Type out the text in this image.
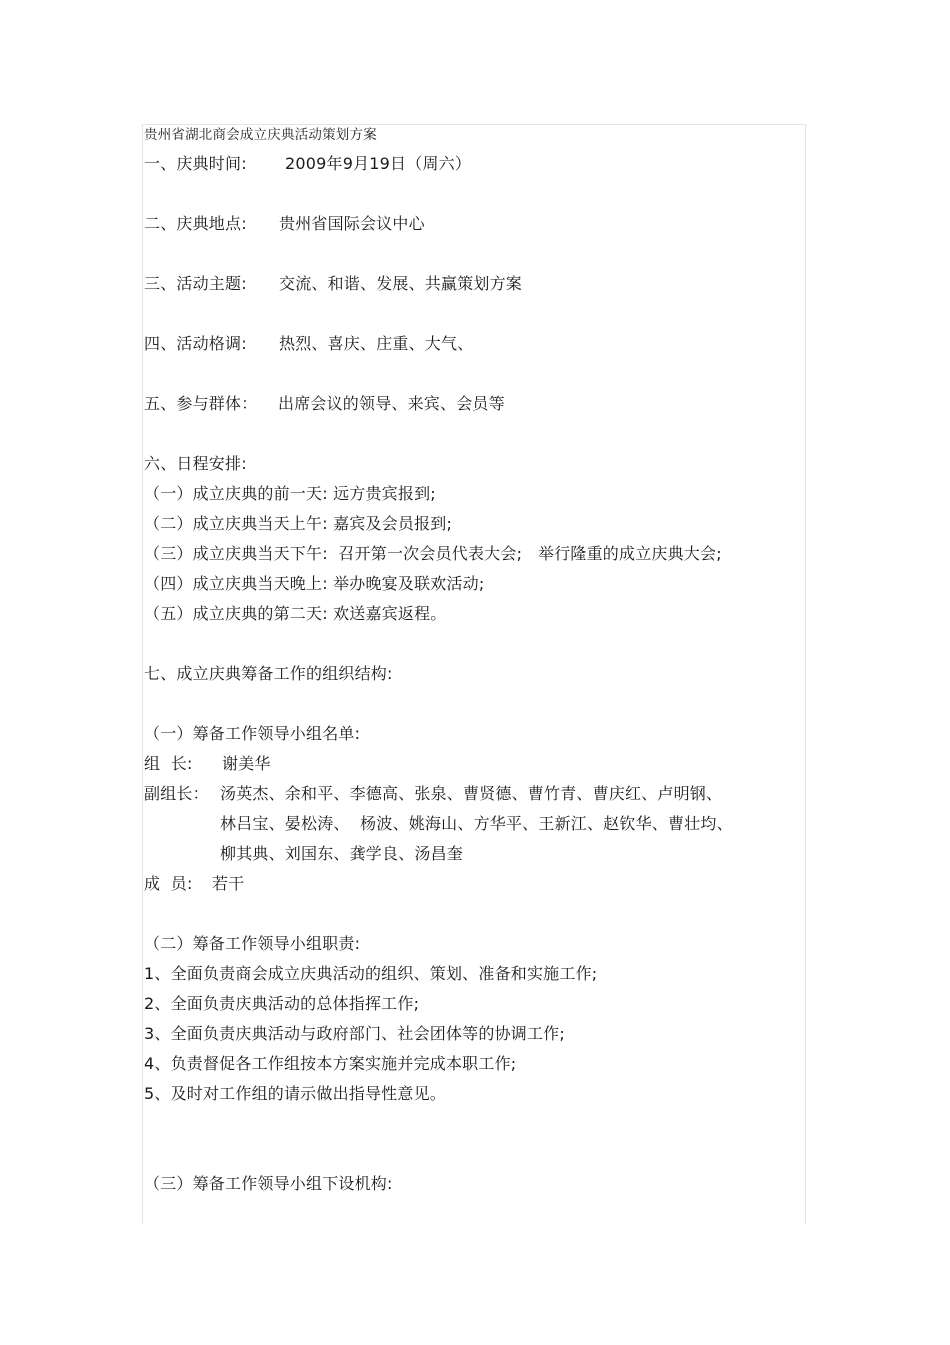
贵州省湖北商会成立庆典活动策划方案
一、庆典时间: 2009年9月19日（周六）
二、庆典地点: 贵州省国际会议中心
三、活动主题: 交流、和谐、发展、共赢策划方案
四、活动格调: 热烈、喜庆、庄重、大气、
五、参与群体： 出席会议的领导、来宾、会员等
六、日程安排:
（一）成立庆典的前一天: 远方贵宾报到;
（二）成立庆典当天上午: 嘉宾及会员报到;
（三）成立庆典当天下午:  召开第一次会员代表大会;   举行隆重的成立庆典大会;
（四）成立庆典当天晚上: 举办晚宴及联欢活动;
（五）成立庆典的第二天: 欢送嘉宾返程。
七、成立庆典筹备工作的组织结构:
（一）筹备工作领导小组名单:
组  长: 谢美华
副组长： 汤英杰、余和平、李德高、张泉、曹贤德、曹竹青、曹庆红、卢明钢、
林吕宝、晏松涛、  杨波、姚海山、方华平、王新江、赵钦华、曹壮均、
柳其典、刘国东、龚学良、汤昌奎
成  员: 若干
（二）筹备工作领导小组职责:
1、全面负责商会成立庆典活动的组织、策划、准备和实施工作;
2、全面负责庆典活动的总体指挥工作;
3、全面负责庆典活动与政府部门、社会团体等的协调工作;
4、负责督促各工作组按本方案实施并完成本职工作;
5、及时对工作组的请示做出指导性意见。
（三）筹备工作领导小组下设机构:
